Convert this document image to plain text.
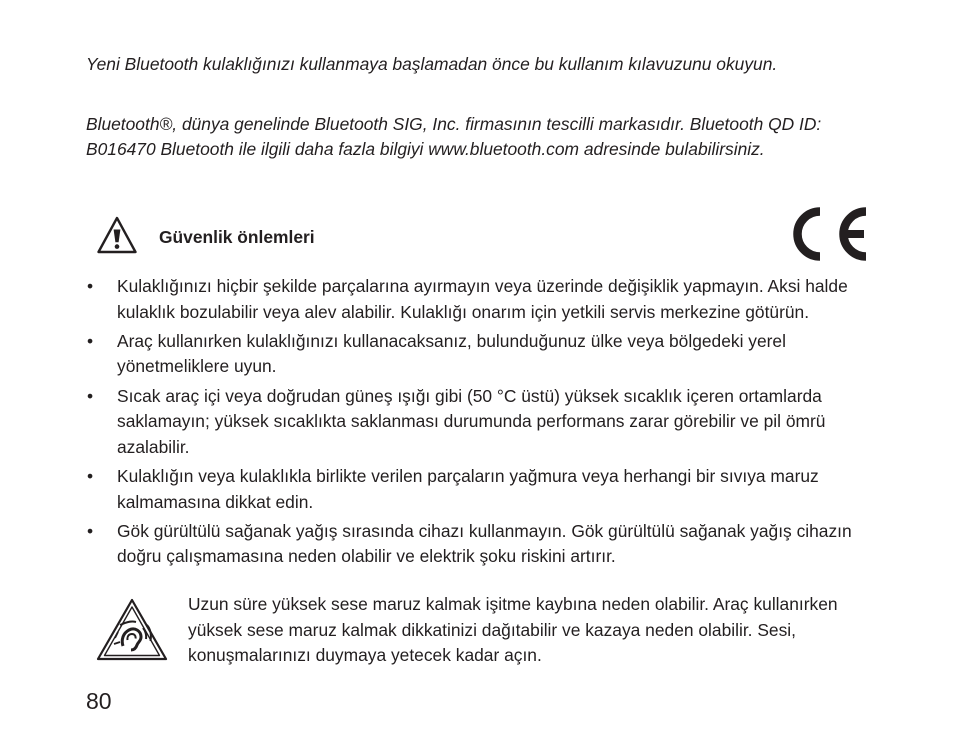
Yeni Bluetooth kulaklığınızı kullanmaya başlamadan önce bu kullanım kılavuzunu okuyun.

Bluetooth®, dünya genelinde Bluetooth SIG, Inc. firmasının tescilli markasıdır. Bluetooth QD ID: B016470 Bluetooth ile ilgili daha fazla bilgiyi www.bluetooth.com adresinde bulabilirsiniz.

Güvenlik önlemleri

• Kulaklığınızı hiçbir şekilde parçalarına ayırmayın veya üzerinde değişiklik yapmayın. Aksi halde kulaklık bozulabilir veya alev alabilir. Kulaklığı onarım için yetkili servis merkezine götürün.
• Araç kullanırken kulaklığınızı kullanacaksanız, bulunduğunuz ülke veya bölgedeki yerel yönetmeliklere uyun.
• Sıcak araç içi veya doğrudan güneş ışığı gibi (50 °C üstü) yüksek sıcaklık içeren ortamlarda saklamayın; yüksek sıcaklıkta saklanması durumunda performans zarar görebilir ve pil ömrü azalabilir.
• Kulaklığın veya kulaklıkla birlikte verilen parçaların yağmura veya herhangi bir sıvıya maruz kalmamasına dikkat edin.
• Gök gürültülü sağanak yağış sırasında cihazı kullanmayın. Gök gürültülü sağanak yağış cihazın doğru çalışmamasına neden olabilir ve elektrik şoku riskini artırır.

Uzun süre yüksek sese maruz kalmak işitme kaybına neden olabilir. Araç kullanırken yüksek sese maruz kalmak dikkatinizi dağıtabilir ve kazaya neden olabilir. Sesi, konuşmalarınızı duymaya yetecek kadar açın.

80
